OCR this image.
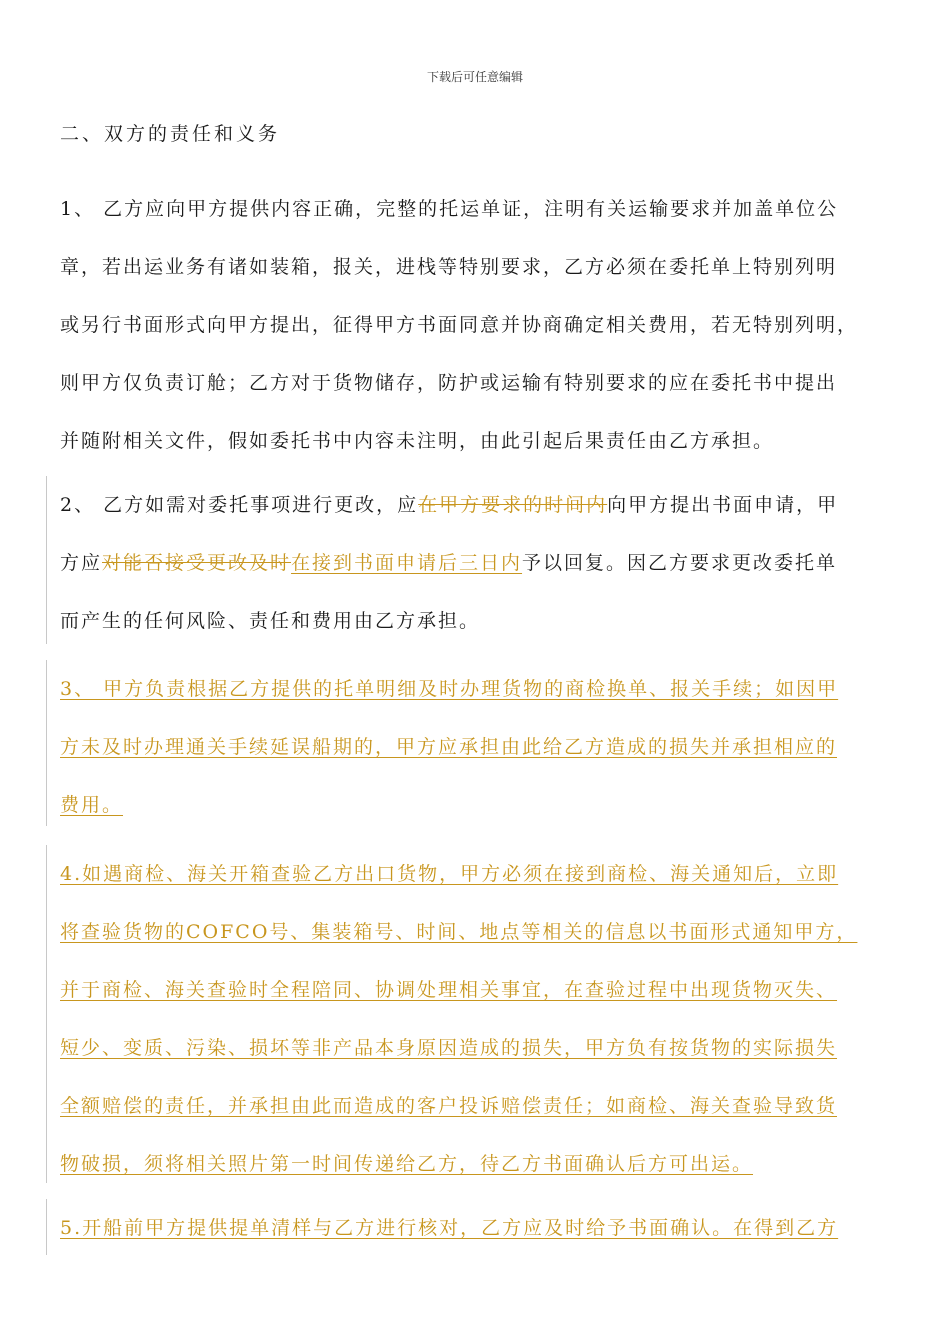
下载后可任意编辑
二、双方的责任和义务

1、 乙方应向甲方提供内容正确，完整的托运单证，注明有关运输要求并加盖单位公
章，若出运业务有诸如装箱，报关，进栈等特别要求，乙方必须在委托单上特别列明
或另行书面形式向甲方提出，征得甲方书面同意并协商确定相关费用，若无特别列明，
则甲方仅负责订舱；乙方对于货物储存，防护或运输有特别要求的应在委托书中提出
并随附相关文件，假如委托书中内容未注明，由此引起后果责任由乙方承担。

2、 乙方如需对委托事项进行更改，应在甲方要求的时间内向甲方提出书面申请，甲
方应对能否接受更改及时在接到书面申请后三日内予以回复。因乙方要求更改委托单
而产生的任何风险、责任和费用由乙方承担。

3、 甲方负责根据乙方提供的托单明细及时办理货物的商检换单、报关手续；如因甲
方未及时办理通关手续延误船期的，甲方应承担由此给乙方造成的损失并承担相应的
费用。

4.如遇商检、海关开箱查验乙方出口货物，甲方必须在接到商检、海关通知后，立即
将查验货物的COFCO号、集装箱号、时间、地点等相关的信息以书面形式通知甲方，
并于商检、海关查验时全程陪同、协调处理相关事宜，在查验过程中出现货物灭失、
短少、变质、污染、损坏等非产品本身原因造成的损失，甲方负有按货物的实际损失
全额赔偿的责任，并承担由此而造成的客户投诉赔偿责任；如商检、海关查验导致货
物破损，须将相关照片第一时间传递给乙方，待乙方书面确认后方可出运。

5.开船前甲方提供提单清样与乙方进行核对，乙方应及时给予书面确认。在得到乙方
